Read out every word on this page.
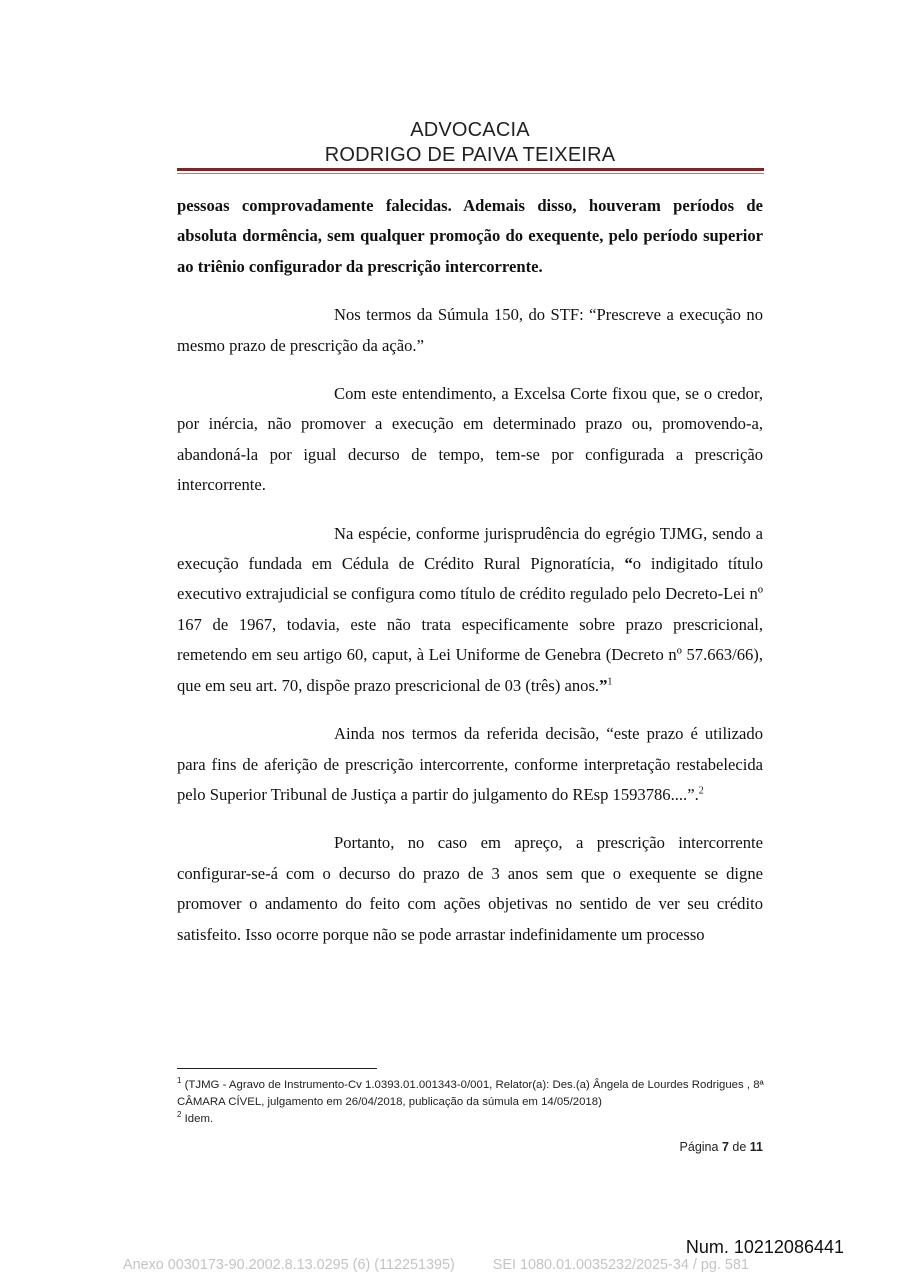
ADVOCACIA
RODRIGO DE PAIVA TEIXEIRA

pessoas comprovadamente falecidas. Ademais disso, houveram períodos de absoluta dormência, sem qualquer promoção do exequente, pelo período superior ao triênio configurador da prescrição intercorrente.

Nos termos da Súmula 150, do STF: “Prescreve a execução no mesmo prazo de prescrição da ação.”

Com este entendimento, a Excelsa Corte fixou que, se o credor, por inércia, não promover a execução em determinado prazo ou, promovendo-a, abandoná-la por igual decurso de tempo, tem-se por configurada a prescrição intercorrente.

Na espécie, conforme jurisprudência do egrégio TJMG, sendo a execução fundada em Cédula de Crédito Rural Pignoratícia, “o indigitado título executivo extrajudicial se configura como título de crédito regulado pelo Decreto-Lei nº 167 de 1967, todavia, este não trata especificamente sobre prazo prescricional, remetendo em seu artigo 60, caput, à Lei Uniforme de Genebra (Decreto nº 57.663/66), que em seu art. 70, dispõe prazo prescricional de 03 (três) anos.”$^1$

Ainda nos termos da referida decisão, “este prazo é utilizado para fins de aferição de prescrição intercorrente, conforme interpretação restabelecida pelo Superior Tribunal de Justiça a partir do julgamento do REsp 1593786....”.$^2$

Portanto, no caso em apreço, a prescrição intercorrente configurar-se-á com o decurso do prazo de 3 anos sem que o exequente se digne promover o andamento do feito com ações objetivas no sentido de ver seu crédito satisfeito. Isso ocorre porque não se pode arrastar indefinidamente um processo

$^1$ (TJMG - Agravo de Instrumento-Cv 1.0393.01.001343-0/001, Relator(a): Des.(a) Ângela de Lourdes Rodrigues , 8ª CÂMARA CÍVEL, julgamento em 26/04/2018, publicação da súmula em 14/05/2018)
$^2$ Idem.
Página 7 de 11
Num. 10212086441
Anexo 0030173-90.2002.8.13.0295 (6) (112251395)	SEI 1080.01.0035232/2025-34 / pg. 581
